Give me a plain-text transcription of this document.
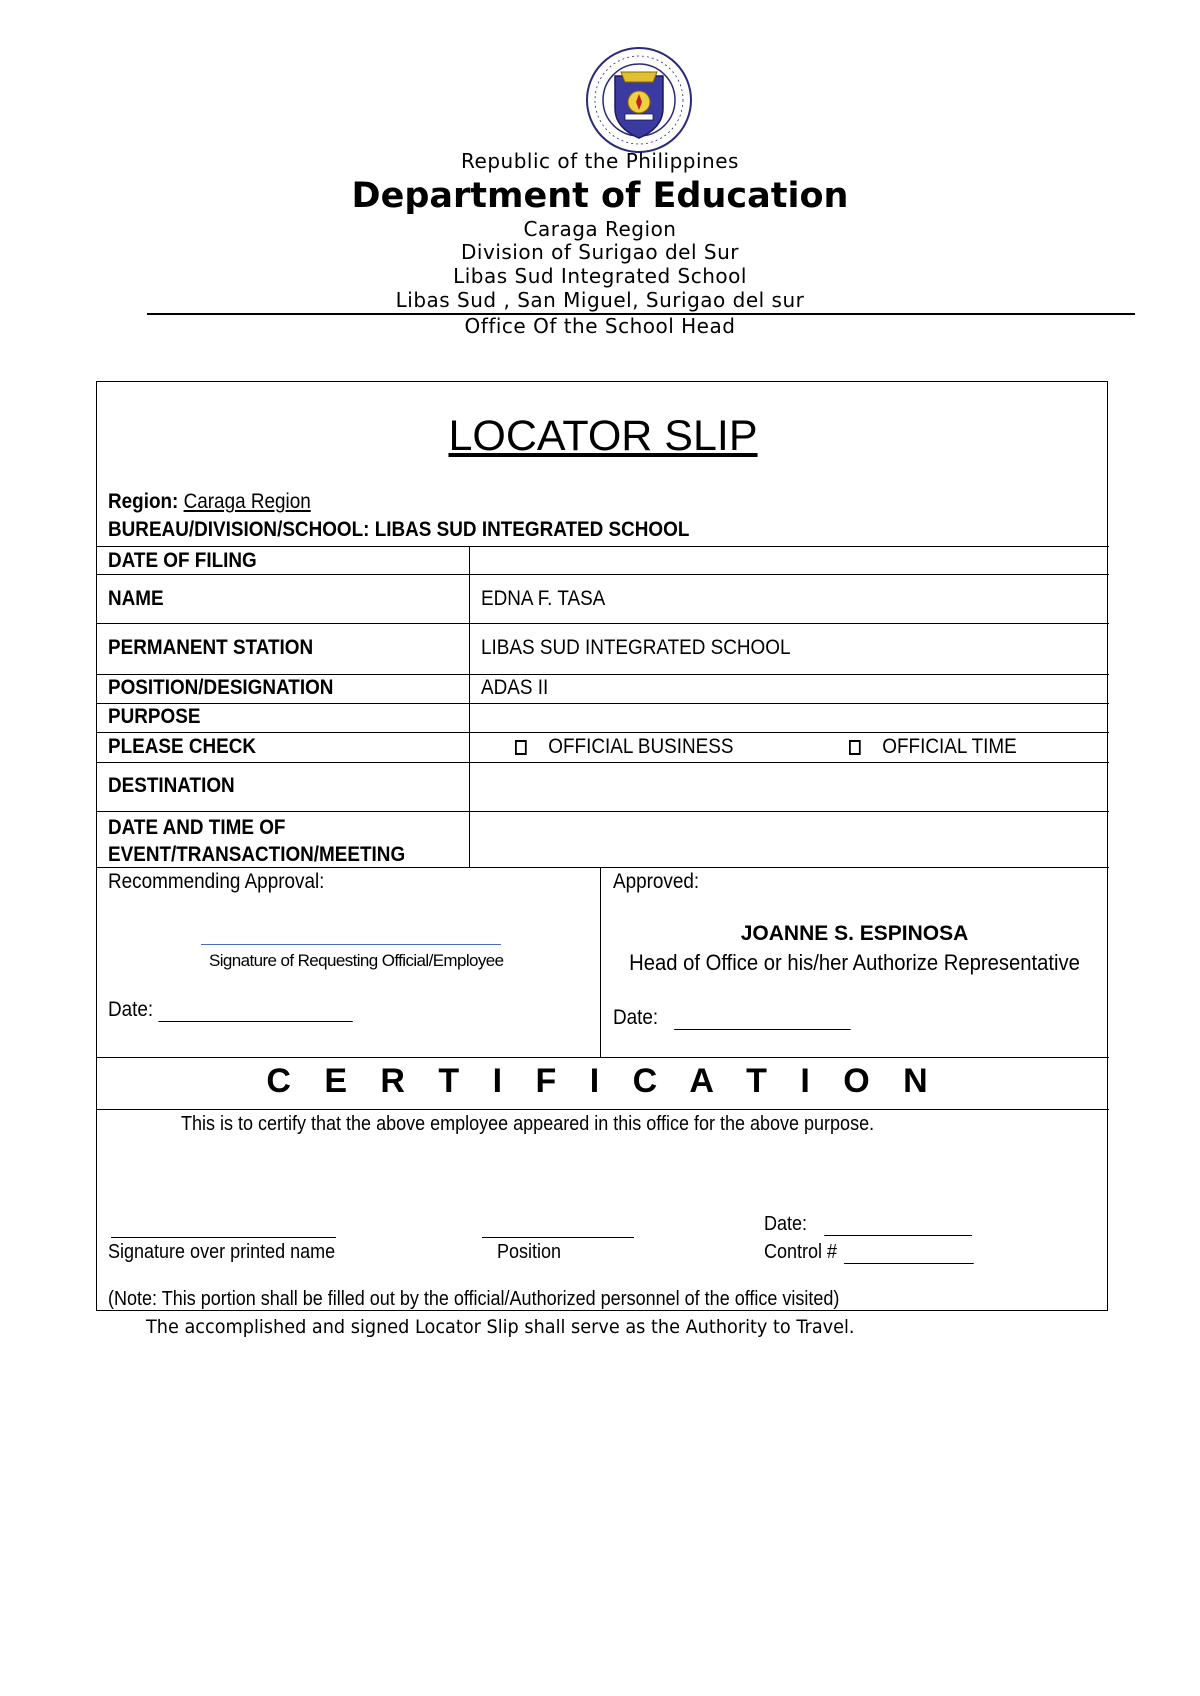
Republic of the Philippines
Department of Education
Caraga Region
Division of Surigao del Sur
Libas Sud Integrated School
Libas Sud , San Miguel, Surigao del sur
Office Of the School Head
LOCATOR SLIP
Region: Caraga Region
BUREAU/DIVISION/SCHOOL: LIBAS SUD INTEGRATED SCHOOL
DATE OF FILING
NAME	EDNA F. TASA
PERMANENT STATION	LIBAS SUD INTEGRATED SCHOOL
POSITION/DESIGNATION	ADAS II
PURPOSE
PLEASE CHECK	OFFICIAL BUSINESS	OFFICIAL TIME
DESTINATION
DATE AND TIME OF
EVENT/TRANSACTION/MEETING
Recommending Approval:
Signature of Requesting Official/Employee
Date:
Approved:
JOANNE S. ESPINOSA
Head of Office or his/her Authorize Representative
Date:
C E R T I F I C A T I O N
This is to certify that the above employee appeared in this office for the above purpose.
Signature over printed name	Position
Date:
Control #
(Note: This portion shall be filled out by the official/Authorized personnel of the office visited)
The accomplished and signed Locator Slip shall serve as the Authority to Travel.
